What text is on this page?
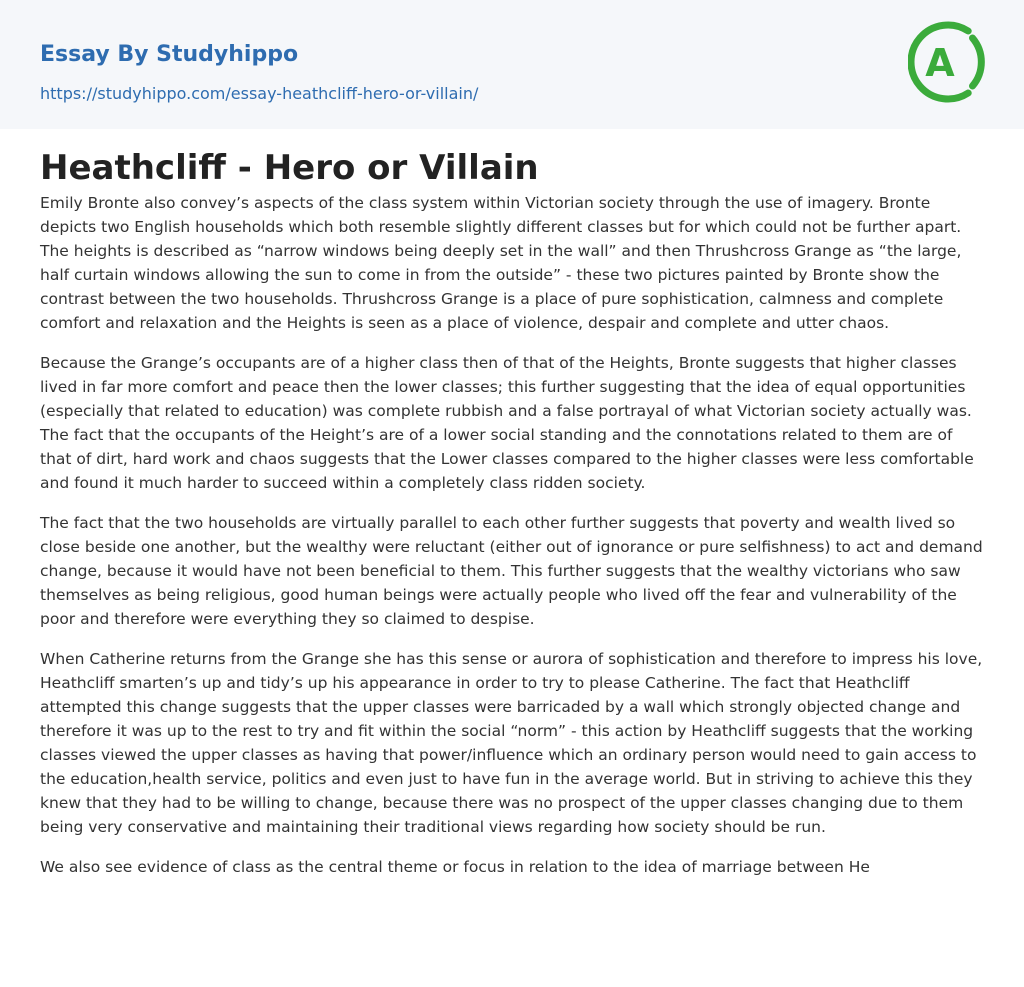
Essay By Studyhippo
https://studyhippo.com/essay-heathcliff-hero-or-villain/
A
Heathcliff - Hero or Villain

Emily Bronte also convey’s aspects of the class system within Victorian society through the use of imagery. Bronte depicts two English households which both resemble slightly different classes but for which could not be further apart. The heights is described as “narrow windows being deeply set in the wall” and then Thrushcross Grange as “the large, half curtain windows allowing the sun to come in from the outside” - these two pictures painted by Bronte show the contrast between the two households. Thrushcross Grange is a place of pure sophistication, calmness and complete comfort and relaxation and the Heights is seen as a place of violence, despair and complete and utter chaos.

Because the Grange’s occupants are of a higher class then of that of the Heights, Bronte suggests that higher classes lived in far more comfort and peace then the lower classes; this further suggesting that the idea of equal opportunities (especially that related to education) was complete rubbish and a false portrayal of what Victorian society actually was. The fact that the occupants of the Height’s are of a lower social standing and the connotations related to them are of that of dirt, hard work and chaos suggests that the Lower classes compared to the higher classes were less comfortable and found it much harder to succeed within a completely class ridden society.

The fact that the two households are virtually parallel to each other further suggests that poverty and wealth lived so close beside one another, but the wealthy were reluctant (either out of ignorance or pure selfishness) to act and demand change, because it would have not been beneficial to them. This further suggests that the wealthy victorians who saw themselves as being religious, good human beings were actually people who lived off the fear and vulnerability of the poor and therefore were everything they so claimed to despise.

When Catherine returns from the Grange she has this sense or aurora of sophistication and therefore to impress his love, Heathcliff smarten’s up and tidy’s up his appearance in order to try to please Catherine. The fact that Heathcliff attempted this change suggests that the upper classes were barricaded by a wall which strongly objected change and therefore it was up to the rest to try and fit within the social “norm” - this action by Heathcliff suggests that the working classes viewed the upper classes as having that power/influence which an ordinary person would need to gain access to the education,health service, politics and even just to have fun in the average world. But in striving to achieve this they knew that they had to be willing to change, because there was no prospect of the upper classes changing due to them being very conservative and maintaining their traditional views regarding how society should be run.

We also see evidence of class as the central theme or focus in relation to the idea of marriage between He
